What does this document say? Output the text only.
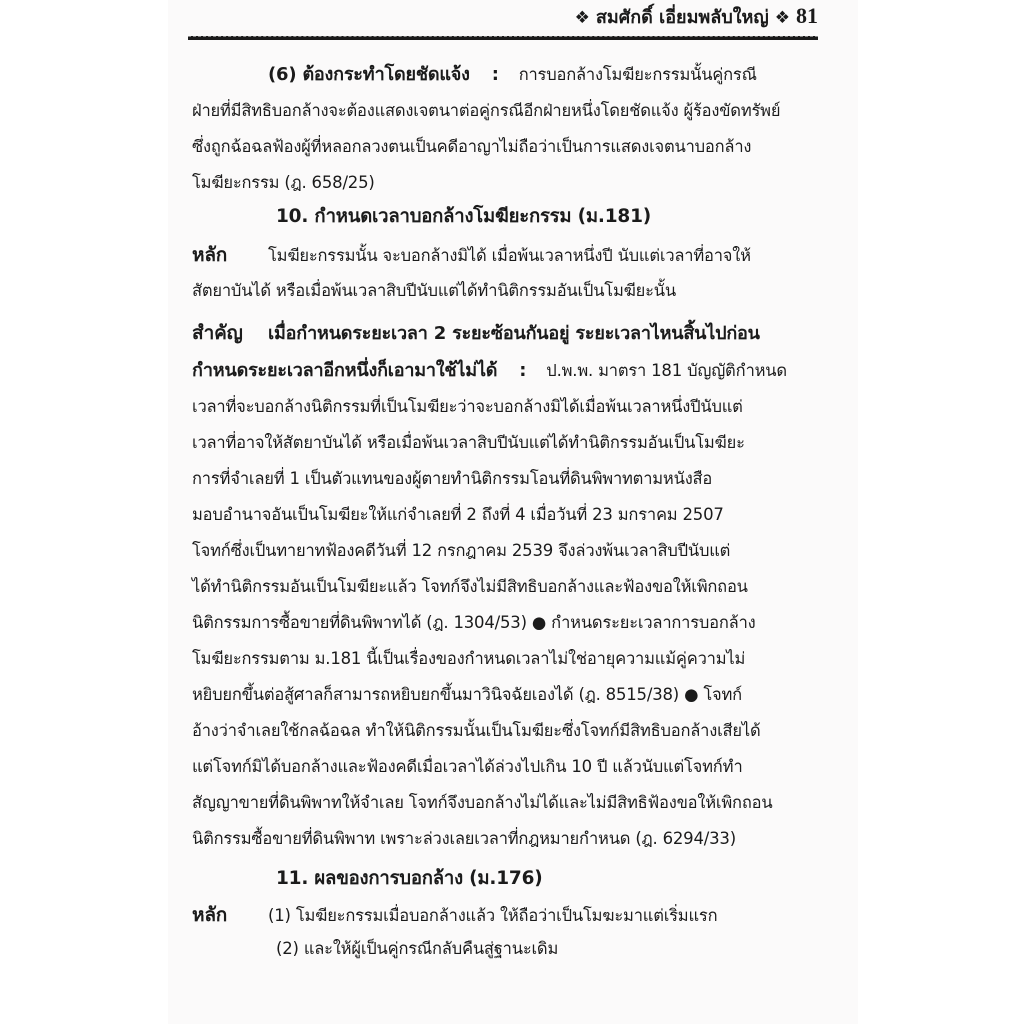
❖ สมศักดิ์ เอี่ยมพลับใหญ่ ❖ 81
(6) ต้องกระทำโดยชัดแจ้ง : การบอกล้างโมฆียะกรรมนั้นคู่กรณี
ฝ่ายที่มีสิทธิบอกล้างจะต้องแสดงเจตนาต่อคู่กรณีอีกฝ่ายหนึ่งโดยชัดแจ้ง ผู้ร้องขัดทรัพย์
ซึ่งถูกฉ้อฉลฟ้องผู้ที่หลอกลวงตนเป็นคดีอาญาไม่ถือว่าเป็นการแสดงเจตนาบอกล้าง
โมฆียะกรรม (ฎ. 658/25)
10. กำหนดเวลาบอกล้างโมฆียะกรรม (ม.181)
หลัก โมฆียะกรรมนั้น จะบอกล้างมิได้ เมื่อพ้นเวลาหนึ่งปี นับแต่เวลาที่อาจให้
สัตยาบันได้ หรือเมื่อพ้นเวลาสิบปีนับแต่ได้ทำนิติกรรมอันเป็นโมฆียะนั้น
สำคัญ เมื่อกำหนดระยะเวลา 2 ระยะซ้อนกันอยู่ ระยะเวลาไหนสิ้นไปก่อน
กำหนดระยะเวลาอีกหนึ่งก็เอามาใช้ไม่ได้ : ป.พ.พ. มาตรา 181 บัญญัติกำหนด
เวลาที่จะบอกล้างนิติกรรมที่เป็นโมฆียะว่าจะบอกล้างมิได้เมื่อพ้นเวลาหนึ่งปีนับแต่
เวลาที่อาจให้สัตยาบันได้ หรือเมื่อพ้นเวลาสิบปีนับแต่ได้ทำนิติกรรมอันเป็นโมฆียะ
การที่จำเลยที่ 1 เป็นตัวแทนของผู้ตายทำนิติกรรมโอนที่ดินพิพาทตามหนังสือ
มอบอำนาจอันเป็นโมฆียะให้แก่จำเลยที่ 2 ถึงที่ 4 เมื่อวันที่ 23 มกราคม 2507
โจทก์ซึ่งเป็นทายาทฟ้องคดีวันที่ 12 กรกฎาคม 2539 จึงล่วงพ้นเวลาสิบปีนับแต่
ได้ทำนิติกรรมอันเป็นโมฆียะแล้ว โจทก์จึงไม่มีสิทธิบอกล้างและฟ้องขอให้เพิกถอน
นิติกรรมการซื้อขายที่ดินพิพาทได้ (ฎ. 1304/53) ● กำหนดระยะเวลาการบอกล้าง
โมฆียะกรรมตาม ม.181 นี้เป็นเรื่องของกำหนดเวลาไม่ใช่อายุความแม้คู่ความไม่
หยิบยกขึ้นต่อสู้ศาลก็สามารถหยิบยกขึ้นมาวินิจฉัยเองได้ (ฎ. 8515/38) ● โจทก์
อ้างว่าจำเลยใช้กลฉ้อฉล ทำให้นิติกรรมนั้นเป็นโมฆียะซึ่งโจทก์มีสิทธิบอกล้างเสียได้
แต่โจทก์มิได้บอกล้างและฟ้องคดีเมื่อเวลาได้ล่วงไปเกิน 10 ปี แล้วนับแต่โจทก์ทำ
สัญญาขายที่ดินพิพาทให้จำเลย โจทก์จึงบอกล้างไม่ได้และไม่มีสิทธิฟ้องขอให้เพิกถอน
นิติกรรมซื้อขายที่ดินพิพาท เพราะล่วงเลยเวลาที่กฎหมายกำหนด (ฎ. 6294/33)
11. ผลของการบอกล้าง (ม.176)
หลัก (1) โมฆียะกรรมเมื่อบอกล้างแล้ว ให้ถือว่าเป็นโมฆะมาแต่เริ่มแรก
(2) และให้ผู้เป็นคู่กรณีกลับคืนสู่ฐานะเดิม
